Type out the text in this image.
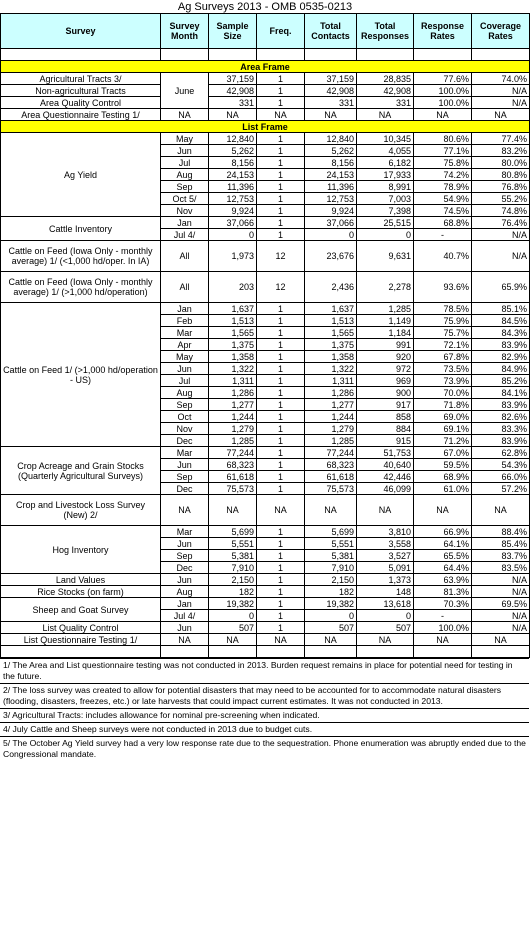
Ag Surveys 2013 - OMB 0535-0213							
Survey	Survey Month	Sample Size	Freq.	Total Contacts	Total Responses	Response Rates	Coverage Rates

Area Frame							
Agricultural Tracts 3/	June	37,159	1	37,159	28,835	77.6%	74.0%
Non-agricultural Tracts		42,908	1	42,908	42,908	100.0%	N/A
Area Quality Control		331	1	331	331	100.0%	N/A
Area Questionnaire Testing 1/	NA	NA	NA	NA	NA	NA	NA
List Frame							
Ag Yield	May	12,840	1	12,840	10,345	80.6%	77.4%
	Jun	5,262	1	5,262	4,055	77.1%	83.2%
	Jul	8,156	1	8,156	6,182	75.8%	80.0%
	Aug	24,153	1	24,153	17,933	74.2%	80.8%
	Sep	11,396	1	11,396	8,991	78.9%	76.8%
	Oct 5/	12,753	1	12,753	7,003	54.9%	55.2%
	Nov	9,924	1	9,924	7,398	74.5%	74.8%
Cattle Inventory	Jan	37,066	1	37,066	25,515	68.8%	76.4%
	Jul 4/	0	1	0	0	-	N/A
Cattle on Feed (Iowa Only - monthly average) 1/ (<1,000 hd/oper. In IA)	All	1,973	12	23,676	9,631	40.7%	N/A
Cattle on Feed (Iowa Only - monthly average) 1/ (>1,000 hd/operation)	All	203	12	2,436	2,278	93.6%	65.9%
Cattle on Feed 1/ (>1,000 hd/operation - US)	Jan	1,637	1	1,637	1,285	78.5%	85.1%
	Feb	1,513	1	1,513	1,149	75.9%	84.5%
	Mar	1,565	1	1,565	1,184	75.7%	84.3%
	Apr	1,375	1	1,375	991	72.1%	83.9%
	May	1,358	1	1,358	920	67.8%	82.9%
	Jun	1,322	1	1,322	972	73.5%	84.9%
	Jul	1,311	1	1,311	969	73.9%	85.2%
	Aug	1,286	1	1,286	900	70.0%	84.1%
	Sep	1,277	1	1,277	917	71.8%	83.9%
	Oct	1,244	1	1,244	858	69.0%	82.6%
	Nov	1,279	1	1,279	884	69.1%	83.3%
	Dec	1,285	1	1,285	915	71.2%	83.9%
Crop Acreage and Grain Stocks (Quarterly Agricultural Surveys)	Mar	77,244	1	77,244	51,753	67.0%	62.8%
	Jun	68,323	1	68,323	40,640	59.5%	54.3%
	Sep	61,618	1	61,618	42,446	68.9%	66.0%
	Dec	75,573	1	75,573	46,099	61.0%	57.2%
Crop and Livestock Loss Survey (New) 2/	NA	NA	NA	NA	NA	NA	NA
Hog Inventory	Mar	5,699	1	5,699	3,810	66.9%	88.4%
	Jun	5,551	1	5,551	3,558	64.1%	85.4%
	Sep	5,381	1	5,381	3,527	65.5%	83.7%
	Dec	7,910	1	7,910	5,091	64.4%	83.5%
Land Values	Jun	2,150	1	2,150	1,373	63.9%	N/A
Rice Stocks (on farm)	Aug	182	1	182	148	81.3%	N/A
Sheep and Goat Survey	Jan	19,382	1	19,382	13,618	70.3%	69.5%
	Jul 4/	0	1	0	0	-	N/A
List Quality Control	Jun	507	1	507	507	100.0%	N/A
List Questionnaire Testing 1/	NA	NA	NA	NA	NA	NA	NA

1/ The Area and List questionnaire testing was not conducted in 2013. Burden request remains in place for potential need for testing in the future.
2/ The loss survey was created to allow for potential disasters that may need to be accounted for to accommodate natural disasters (flooding, disasters, freezes, etc.) or late harvests that could impact current estimates. It was not conducted in 2013.
3/ Agricultural Tracts: includes allowance for nominal pre-screening when indicated.
4/ July Cattle and Sheep surveys were not conducted in 2013 due to budget cuts.
5/ The October Ag Yield survey had a very low response rate due to the sequestration. Phone enumeration was abruptly ended due to the Congressional mandate.
